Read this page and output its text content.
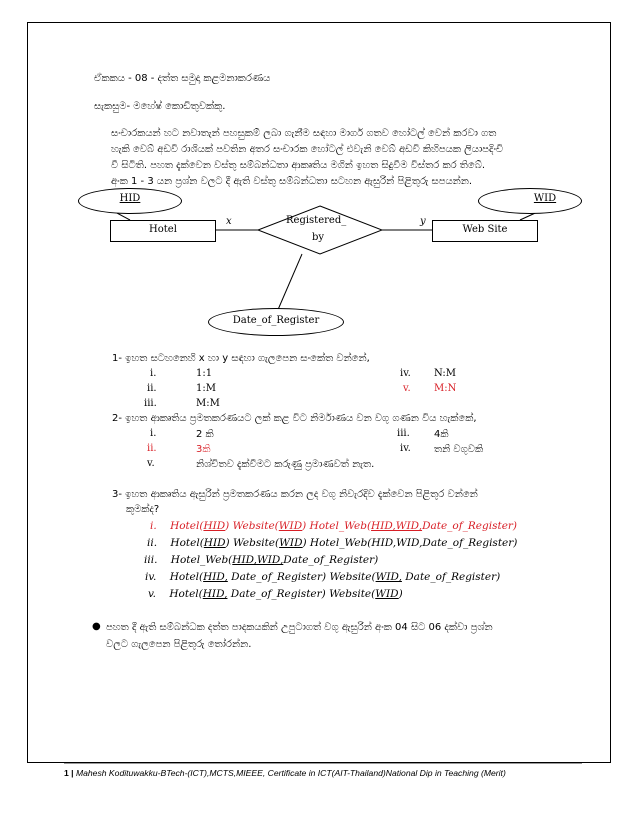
ඒකකය - 08 - දත්ත සමුදා කළමනාකරණය
සැකසුම- මහේෂ් කොඩිතුවක්කු.
සංචාරකයන් හට නවාතැන් පහසුකම් ලබා ගැනීම සඳහා මාර්ග ගතව හෝටල් වෙන් කරවා ගත
හැකි වෙබ් අඩවි රාශියක් පවතින අතර සංචාරක හෝටල් එවැනි වෙබ් අඩවි කිහිපයක ලියාපදිංචි
වී සිටිති. පහත දැක්වෙන වස්තු සම්බන්ධතා ආකෘතිය මගින් ඉහත සිදුවීම විස්තර කර තිබේ.
අංක 1 - 3 යන ප්‍රශ්න වලට දී ඇති වස්තු සම්බන්ධතා සටහන ඇසුරින් පිළිතුරු සපයන්න.
HID	WID
Hotel	Web Site
Registered_
by
x	y
Date_of_Register
1- ඉහත සටහනෙහි x හා y සඳහා ගැලපෙන සංකේත වන්නේ,
i.	1:1
ii.	1:M
iii.	M:M
iv. N:M
v. M:N
2- ඉහත ආකෘතිය ප්‍රමතකරණයට ලක් කළ විට නිර්මාණය වන වගු ගණන විය හැක්කේ,
i.	2 කි
ii.	3කි
v.	නිශ්චිතව දැක්වීමට කරුණු ප්‍රමාණවත් නැත.
iii. 4කි
iv. තනි වගුවකි
3- ඉහත ආකෘතිය ඇසුරින් ප්‍රමතකරණය කරන ලද වගු නිවැරදිව දැක්වෙන පිළිතුර වන්නේ
කුමක්ද?
i. Hotel(HID) Website(WID) Hotel_Web(HID,WID,Date_of_Register)
ii. Hotel(HID) Website(WID) Hotel_Web(HID,WID,Date_of_Register)
iii. Hotel_Web(HID,WID,Date_of_Register)
iv. Hotel(HID, Date_of_Register) Website(WID, Date_of_Register)
v. Hotel(HID, Date_of_Register) Website(WID)
● පහත දී ඇති සම්බන්ධක දත්ත පාදකයකින් උපුටාගත් වගු ඇසුරින් අංක 04 සිට 06 දක්වා ප්‍රශ්න
වලට ගැලපෙන පිළිතුරු තෝරන්න.
1 | Mahesh Kodituwakku-BTech-(ICT),MCTS,MIEEE, Certificate in ICT(AIT-Thailand)National Dip in Teaching (Merit)
